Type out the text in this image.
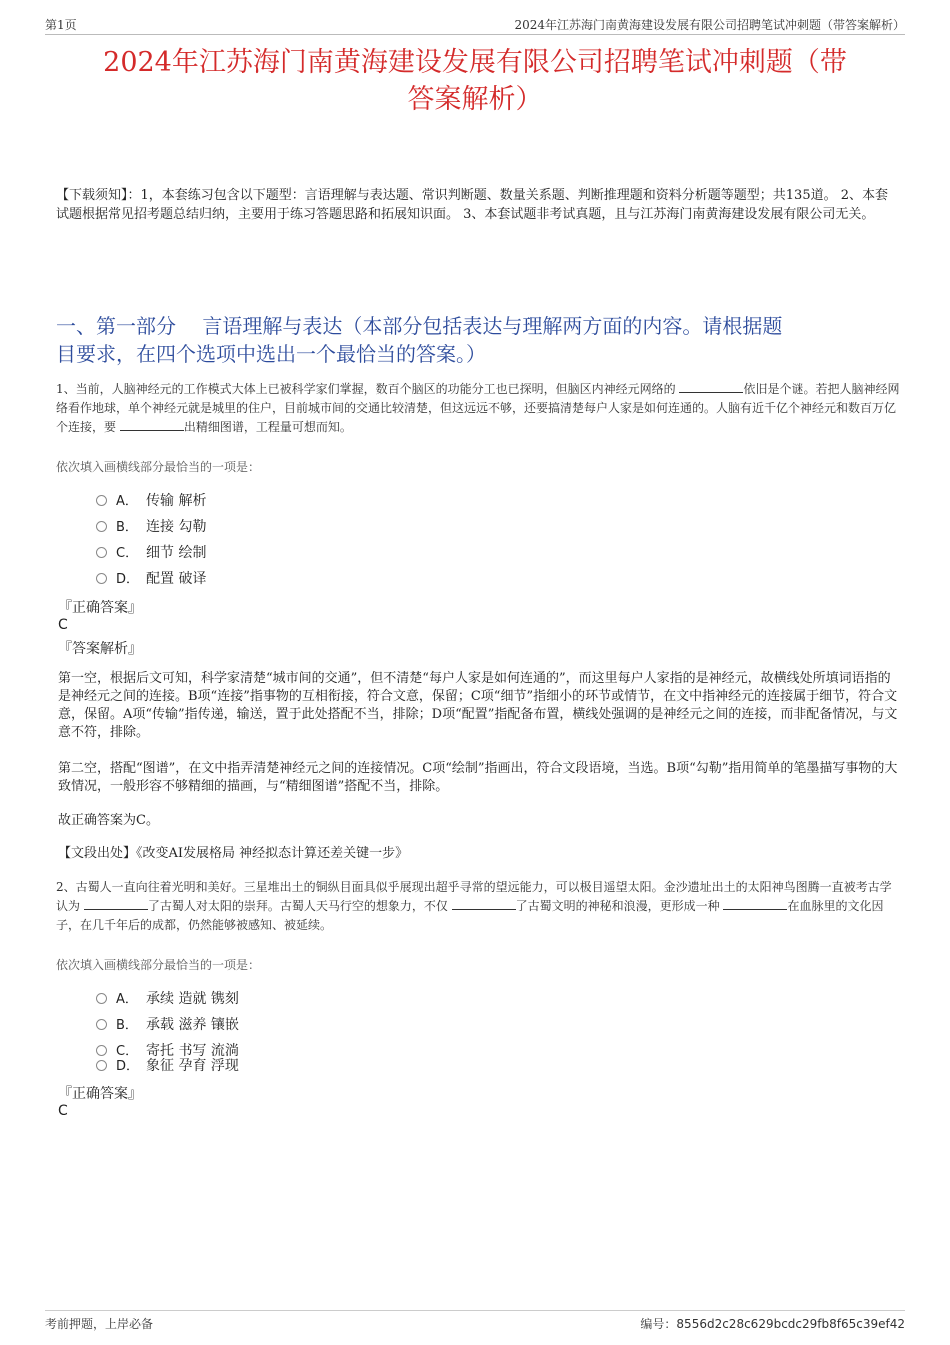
第1页	2024年江苏海门南黄海建设发展有限公司招聘笔试冲刺题（带答案解析）
2024年江苏海门南黄海建设发展有限公司招聘笔试冲刺题（带
答案解析）
【下载须知】：1，本套练习包含以下题型：言语理解与表达题、常识判断题、数量关系题、判断推理题和资料分析题等题型；共135道。 2、本套试题根据常见招考题总结归纳，主要用于练习答题思路和拓展知识面。 3、本套试题非考试真题，且与江苏海门南黄海建设发展有限公司无关。
一、第一部分　 言语理解与表达（本部分包括表达与理解两方面的内容。请根据题
目要求，在四个选项中选出一个最恰当的答案。）
1、当前，人脑神经元的工作模式大体上已被科学家们掌握，数百个脑区的功能分工也已探明，但脑区内神经元网络的	依旧是个谜。若把人脑神经网络看作地球，单个神经元就是城里的住户，目前城市间的交通比较清楚，但这远远不够，还要搞清楚每户人家是如何连通的。人脑有近千亿个神经元和数百万亿个连接，要	出精细图谱，工程量可想而知。
依次填入画横线部分最恰当的一项是：
A． 传输 解析
B． 连接 勾勒
C． 细节 绘制
D． 配置 破译
『正确答案』
C
『答案解析』
第一空，根据后文可知，科学家清楚“城市间的交通”，但不清楚“每户人家是如何连通的”，而这里每户人家指的是神经元，故横线处所填词语指的是神经元之间的连接。B项“连接”指事物的互相衔接，符合文意，保留；C项“细节”指细小的环节或情节，在文中指神经元的连接属于细节，符合文意，保留。A项“传输”指传递，输送，置于此处搭配不当，排除；D项“配置”指配备布置，横线处强调的是神经元之间的连接，而非配备情况，与文意不符，排除。
第二空，搭配“图谱”，在文中指弄清楚神经元之间的连接情况。C项“绘制”指画出，符合文段语境，当选。B项“勾勒”指用简单的笔墨描写事物的大致情况，一般形容不够精细的描画，与“精细图谱”搭配不当，排除。
故正确答案为C。
【文段出处】《改变AI发展格局 神经拟态计算还差关键一步》
2、古蜀人一直向往着光明和美好。三星堆出土的铜纵目面具似乎展现出超乎寻常的望远能力，可以极目遥望太阳。金沙遗址出土的太阳神鸟图腾一直被考古学认为	了古蜀人对太阳的崇拜。古蜀人天马行空的想象力，不仅	了古蜀文明的神秘和浪漫，更形成一种	在血脉里的文化因子，在几千年后的成都，仍然能够被感知、被延续。
依次填入画横线部分最恰当的一项是：
A． 承续 造就 镌刻
B． 承载 滋养 镶嵌
C． 寄托 书写 流淌
D． 象征 孕育 浮现
『正确答案』
C
考前押题，上岸必备	编号：8556d2c28c629bcdc29fb8f65c39ef42
